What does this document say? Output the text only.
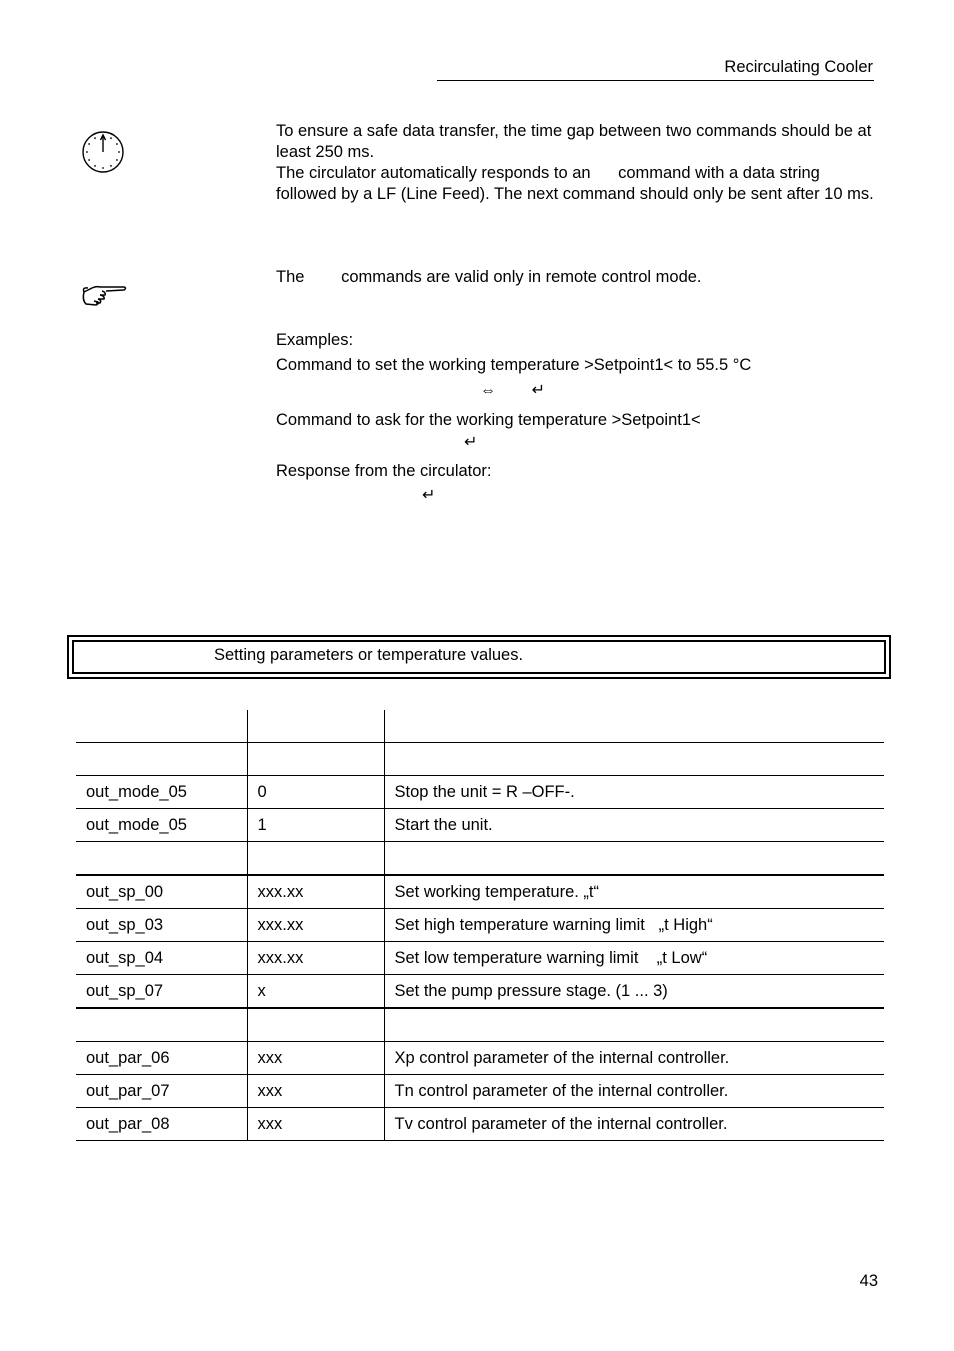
Recirculating Cooler

To ensure a safe data transfer, the time gap between two commands should be at least 250 ms.

The circulator automatically responds to an      command with a data string followed by a LF (Line Feed). The next command should only be sent after 10 ms.

The        commands are valid only in remote control mode.
Examples:
Command to set the working temperature >Setpoint1< to 55.5 °C
⇔        ↵
Command to ask for the working temperature >Setpoint1<
↵
Response from the circulator:
↵
Setting parameters or temperature values.

out_mode_05	0	Stop the unit = R –OFF-.
out_mode_05	1	Start the unit.

out_sp_00	xxx.xx	Set working temperature. „t“
out_sp_03	xxx.xx	Set high temperature warning limit   „t High“
out_sp_04	xxx.xx	Set low temperature warning limit    „t Low“
out_sp_07	x	Set the pump pressure stage. (1 ... 3)

out_par_06	xxx	Xp control parameter of the internal controller.
out_par_07	xxx	Tn control parameter of the internal controller.
out_par_08	xxx	Tv control parameter of the internal controller.
43
